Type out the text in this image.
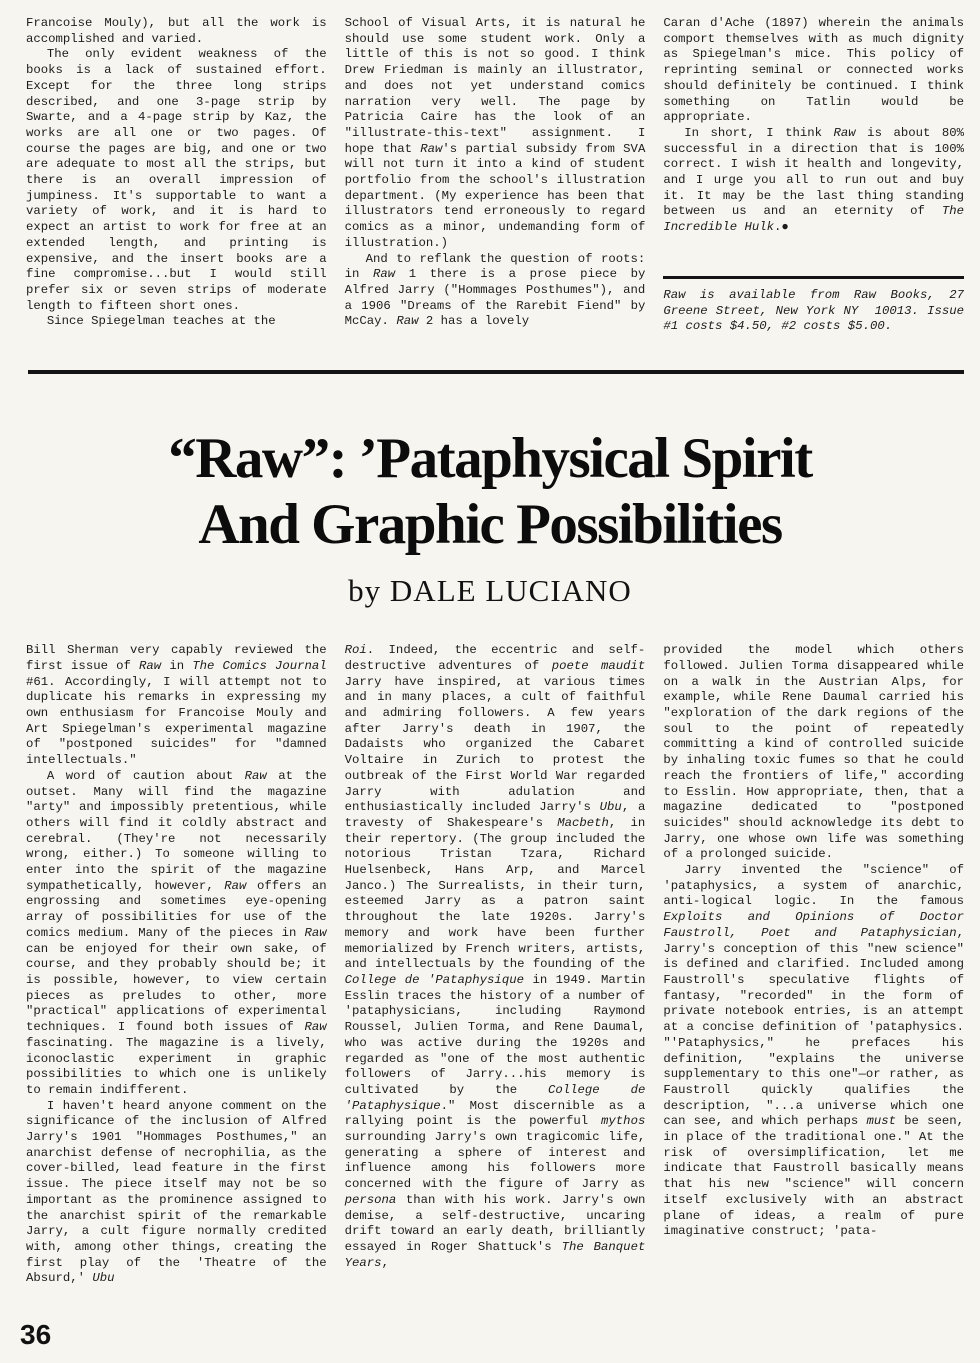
Francoise Mouly), but all the work is accomplished and varied.

The only evident weakness of the books is a lack of sustained effort. Except for the three long strips described, and one 3-page strip by Swarte, and a 4-page strip by Kaz, the works are all one or two pages. Of course the pages are big, and one or two are adequate to most all the strips, but there is an overall impression of jumpiness. It's supportable to want a variety of work, and it is hard to expect an artist to work for free at an extended length, and printing is expensive, and the insert books are a fine compromise...but I would still prefer six or seven strips of moderate length to fifteen short ones.

Since Spiegelman teaches at the

School of Visual Arts, it is natural he should use some student work. Only a little of this is not so good. I think Drew Friedman is mainly an illustrator, and does not yet understand comics narration very well. The page by Patricia Caire has the look of an "illustrate-this-text" assignment. I hope that Raw's partial subsidy from SVA will not turn it into a kind of student portfolio from the school's illustration department. (My experience has been that illustrators tend erroneously to regard comics as a minor, undemanding form of illustration.)

And to reflank the question of roots: in Raw 1 there is a prose piece by Alfred Jarry ("Hommages Posthumes"), and a 1906 "Dreams of the Rarebit Fiend" by McCay. Raw 2 has a lovely

Caran d'Ache (1897) wherein the animals comport themselves with as much dignity as Spiegelman's mice. This policy of reprinting seminal or connected works should definitely be continued. I think something on Tatlin would be appropriate.

In short, I think Raw is about 80% successful in a direction that is 100% correct. I wish it health and longevity, and I urge you all to run out and buy it. It may be the last thing standing between us and an eternity of The Incredible Hulk.●

Raw is available from Raw Books, 27 Greene Street, New York NY  10013. Issue #1 costs $4.50, #2 costs $5.00.
“Raw”: ’Pataphysical Spirit
And Graphic Possibilities
by DALE LUCIANO

Bill Sherman very capably reviewed the first issue of Raw in The Comics Journal #61. Accordingly, I will attempt not to duplicate his remarks in expressing my own enthusiasm for Francoise Mouly and Art Spiegelman's experimental magazine of "postponed suicides" for "damned intellectuals."

A word of caution about Raw at the outset. Many will find the magazine "arty" and impossibly pretentious, while others will find it coldly abstract and cerebral. (They're not necessarily wrong, either.) To someone willing to enter into the spirit of the magazine sympathetically, however, Raw offers an engrossing and sometimes eye-opening array of possibilities for use of the comics medium. Many of the pieces in Raw can be enjoyed for their own sake, of course, and they probably should be; it is possible, however, to view certain pieces as preludes to other, more "practical" applications of experimental techniques. I found both issues of Raw fascinating. The magazine is a lively, iconoclastic experiment in graphic possibilities to which one is unlikely to remain indifferent.

I haven't heard anyone comment on the significance of the inclusion of Alfred Jarry's 1901 "Hommages Posthumes," an anarchist defense of necrophilia, as the cover-billed, lead feature in the first issue. The piece itself may not be so important as the prominence assigned to the anarchist spirit of the remarkable Jarry, a cult figure normally credited with, among other things, creating the first play of the 'Theatre of the Absurd,' Ubu

Roi. Indeed, the eccentric and self-destructive adventures of poete maudit Jarry have inspired, at various times and in many places, a cult of faithful and admiring followers. A few years after Jarry's death in 1907, the Dadaists who organized the Cabaret Voltaire in Zurich to protest the outbreak of the First World War regarded Jarry with adulation and enthusiastically included Jarry's Ubu, a travesty of Shakespeare's Macbeth, in their repertory. (The group included the notorious Tristan Tzara, Richard Huelsenbeck, Hans Arp, and Marcel Janco.) The Surrealists, in their turn, esteemed Jarry as a patron saint throughout the late 1920s. Jarry's memory and work have been further memorialized by French writers, artists, and intellectuals by the founding of the College de 'Pataphysique in 1949. Martin Esslin traces the history of a number of 'pataphysicians, including Raymond Roussel, Julien Torma, and Rene Daumal, who was active during the 1920s and regarded as "one of the most authentic followers of Jarry...his memory is cultivated by the College de 'Pataphysique." Most discernible as a rallying point is the powerful mythos surrounding Jarry's own tragicomic life, generating a sphere of interest and influence among his followers more concerned with the figure of Jarry as persona than with his work. Jarry's own demise, a self-destructive, uncaring drift toward an early death, brilliantly essayed in Roger Shattuck's The Banquet Years,

provided the model which others followed. Julien Torma disappeared while on a walk in the Austrian Alps, for example, while Rene Daumal carried his "exploration of the dark regions of the soul to the point of repeatedly committing a kind of controlled suicide by inhaling toxic fumes so that he could reach the frontiers of life," according to Esslin. How appropriate, then, that a magazine dedicated to "postponed suicides" should acknowledge its debt to Jarry, one whose own life was something of a prolonged suicide.

Jarry invented the "science" of 'pataphysics, a system of anarchic, anti-logical logic. In the famous Exploits and Opinions of Doctor Faustroll, Poet and Pataphysician, Jarry's conception of this "new science" is defined and clarified. Included among Faustroll's speculative flights of fantasy, "recorded" in the form of private notebook entries, is an attempt at a concise definition of 'pataphysics. "'Pataphysics," he prefaces his definition, "explains the universe supplementary to this one"—or rather, as Faustroll quickly qualifies the description, "...a universe which one can see, and which perhaps must be seen, in place of the traditional one." At the risk of oversimplification, let me indicate that Faustroll basically means that his new "science" will concern itself exclusively with an abstract plane of ideas, a realm of pure imaginative construct; 'pata-

36
